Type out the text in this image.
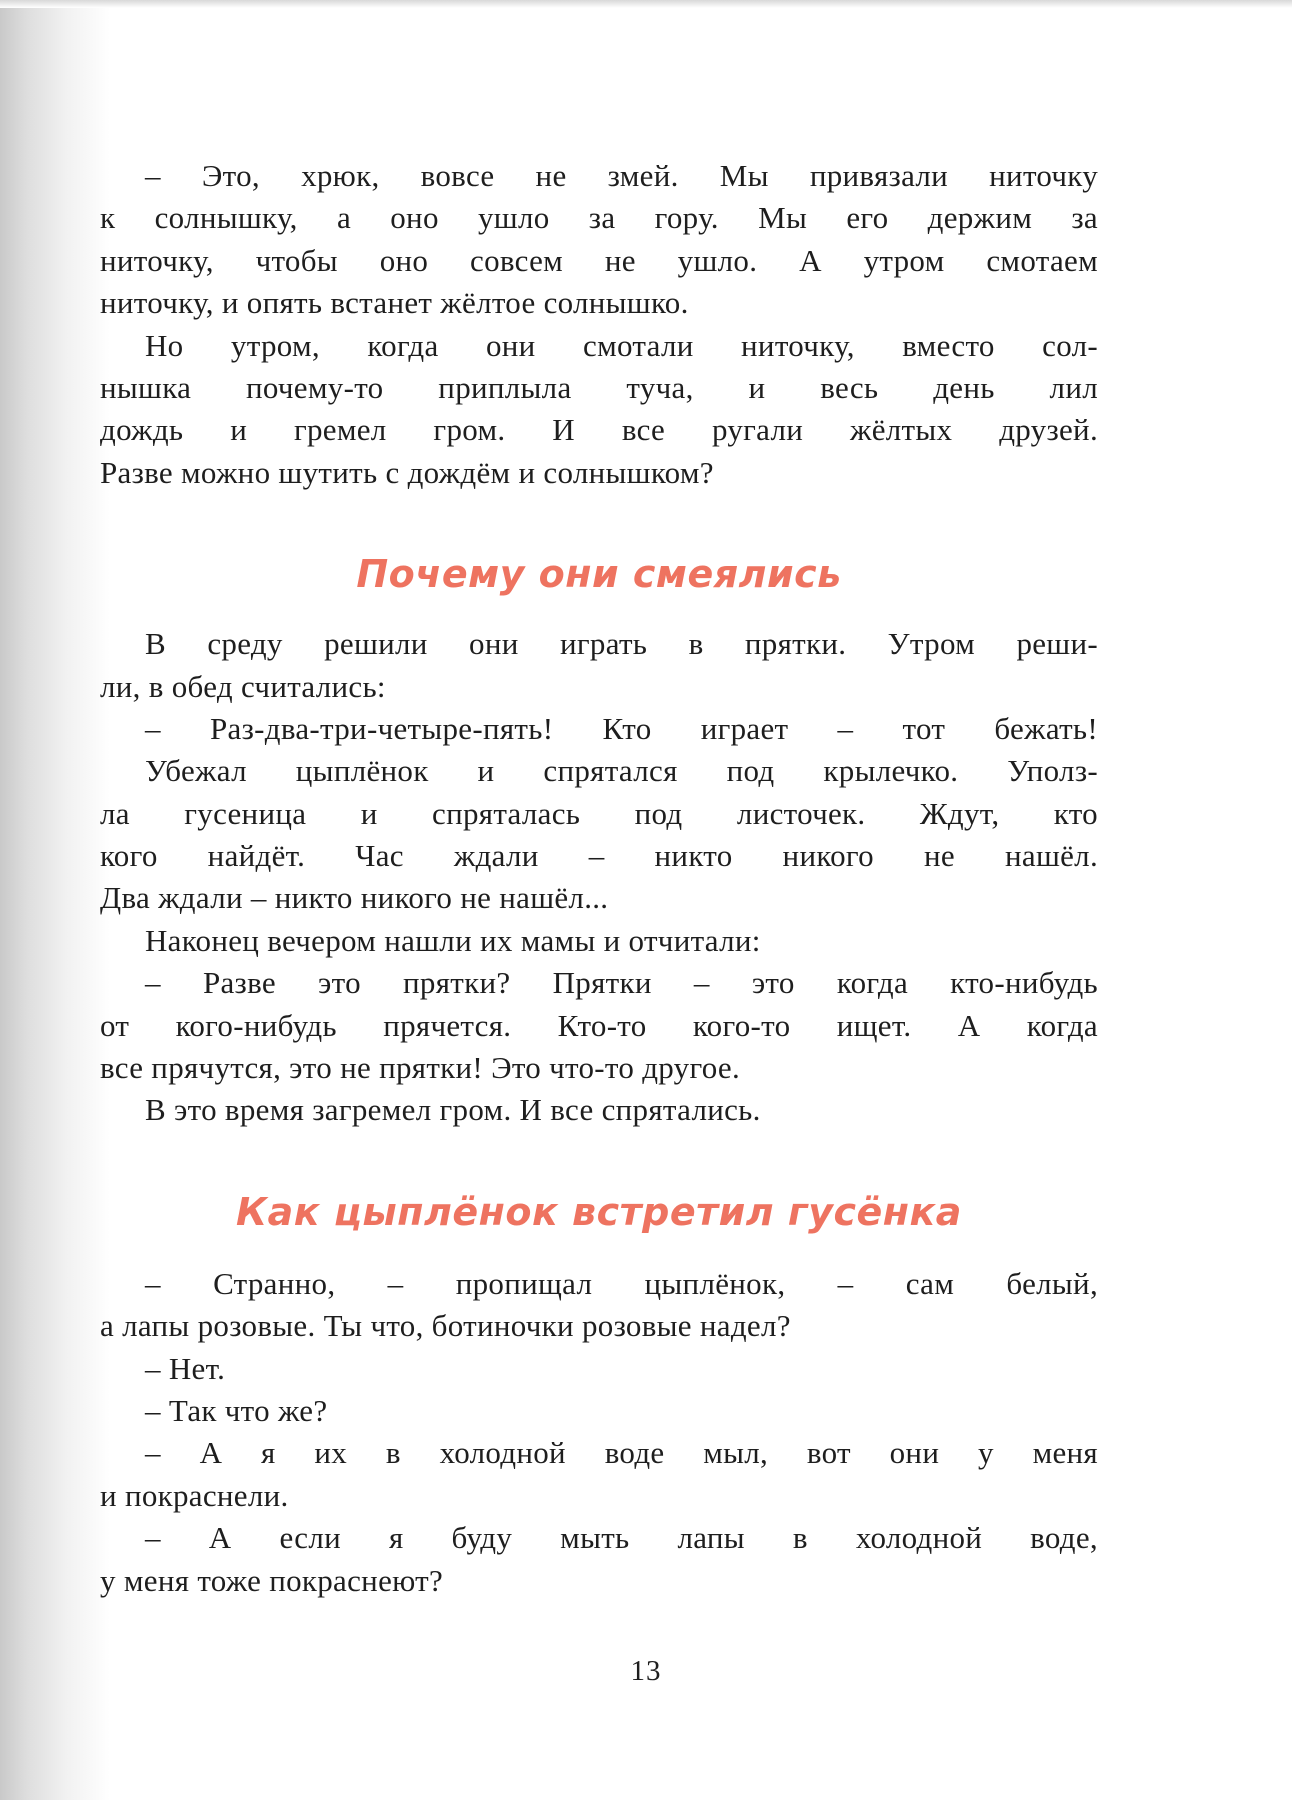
– Это, хрюк, вовсе не змей. Мы привязали ниточку
к солнышку, а оно ушло за гору. Мы его держим за
ниточку, чтобы оно совсем не ушло. А утром смотаем
ниточку, и опять встанет жёлтое солнышко.
Но утром, когда они смотали ниточку, вместо сол-
нышка почему-то приплыла туча, и весь день лил
дождь и гремел гром. И все ругали жёлтых друзей.
Разве можно шутить с дождём и солнышком?
Почему они смеялись
В среду решили они играть в прятки. Утром реши-
ли, в обед считались:
– Раз-два-три-четыре-пять! Кто играет – тот бежать!
Убежал цыплёнок и спрятался под крылечко. Уполз-
ла гусеница и спряталась под листочек. Ждут, кто
кого найдёт. Час ждали – никто никого не нашёл.
Два ждали – никто никого не нашёл...
Наконец вечером нашли их мамы и отчитали:
– Разве это прятки? Прятки – это когда кто-нибудь
от кого-нибудь прячется. Кто-то кого-то ищет. А когда
все прячутся, это не прятки! Это что-то другое.
В это время загремел гром. И все спрятались.
Как цыплёнок встретил гусёнка
– Странно, – пропищал цыплёнок, – сам белый,
а лапы розовые. Ты что, ботиночки розовые надел?
– Нет.
– Так что же?
– А я их в холодной воде мыл, вот они у меня
и покраснели.
– А если я буду мыть лапы в холодной воде,
у меня тоже покраснеют?
13
